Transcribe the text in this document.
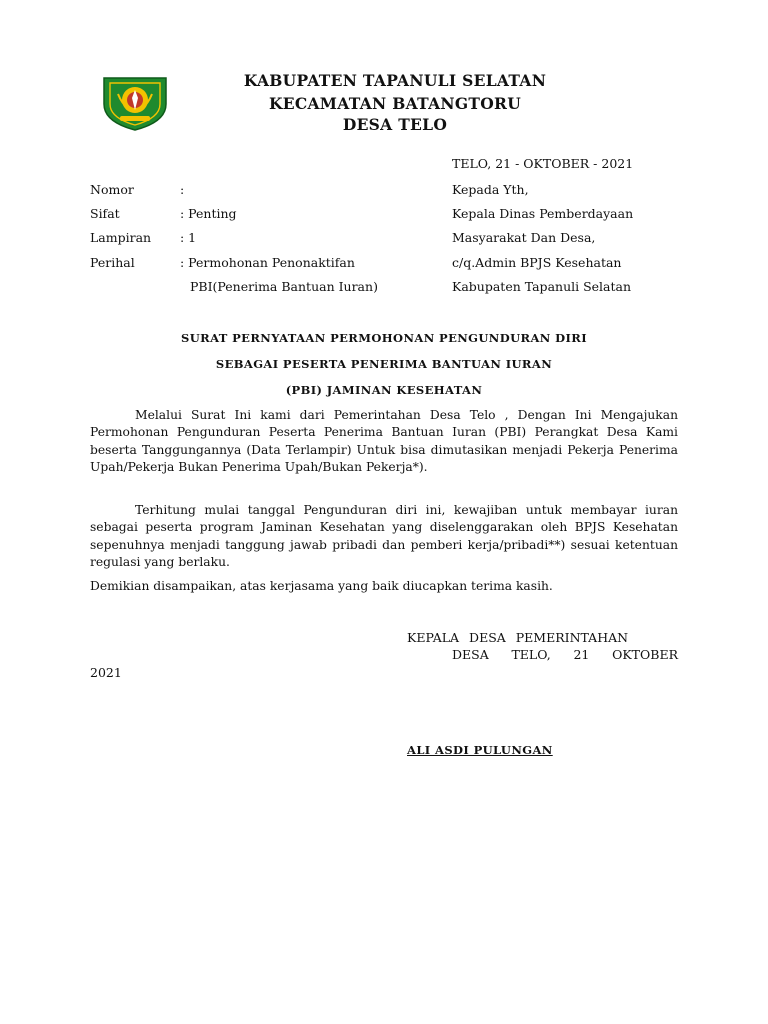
KABUPATEN TAPANULI SELATAN
KECAMATAN BATANGTORU
DESA TELO
TELO, 21 - OKTOBER - 2021
Nomor	:
Sifat	: Penting
Lampiran : 1
Perihal	: Permohonan Penonaktifan
PBI(Penerima Bantuan Iuran)
Kepada Yth,
Kepala Dinas Pemberdayaan
Masyarakat Dan Desa,
c/q.Admin BPJS Kesehatan
Kabupaten Tapanuli Selatan
SURAT PERNYATAAN PERMOHONAN PENGUNDURAN DIRI
SEBAGAI PESERTA PENERIMA BANTUAN IURAN
(PBI) JAMINAN KESEHATAN
Melalui Surat Ini kami dari Pemerintahan Desa Telo , Dengan Ini Mengajukan Permohonan Pengunduran Peserta Penerima Bantuan Iuran (PBI) Perangkat Desa Kami beserta Tanggungannya (Data Terlampir) Untuk bisa dimutasikan menjadi Pekerja Penerima Upah/Pekerja Bukan Penerima Upah/Bukan Pekerja*).
Terhitung mulai tanggal Pengunduran diri ini, kewajiban untuk membayar iuran sebagai peserta program Jaminan Kesehatan yang diselenggarakan oleh BPJS Kesehatan sepenuhnya menjadi tanggung jawab pribadi dan pemberi kerja/pribadi**) sesuai ketentuan regulasi yang berlaku.
Demikian disampaikan, atas kerjasama yang baik diucapkan terima kasih.
KEPALA DESA PEMERINTAHAN
DESA TELO, 21 OKTOBER
2021
ALI ASDI PULUNGAN
